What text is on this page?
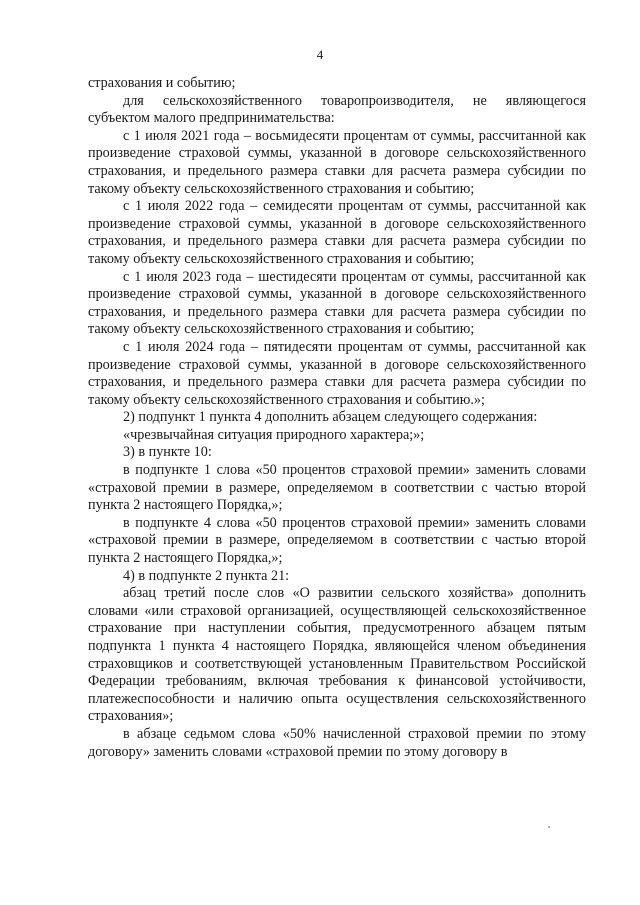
4

страхования и событию;

для сельскохозяйственного товаропроизводителя, не являющегося субъектом малого предпринимательства:

с 1 июля 2021 года – восьмидесяти процентам от суммы, рассчитанной как произведение страховой суммы, указанной в договоре сельскохозяйственного страхования, и предельного размера ставки для расчета размера субсидии по такому объекту сельскохозяйственного страхования и событию;

с 1 июля 2022 года – семидесяти процентам от суммы, рассчитанной как произведение страховой суммы, указанной в договоре сельскохозяйственного страхования, и предельного размера ставки для расчета размера субсидии по такому объекту сельскохозяйственного страхования и событию;

с 1 июля 2023 года – шестидесяти процентам от суммы, рассчитанной как произведение страховой суммы, указанной в договоре сельскохозяйственного страхования, и предельного размера ставки для расчета размера субсидии по такому объекту сельскохозяйственного страхования и событию;

с 1 июля 2024 года – пятидесяти процентам от суммы, рассчитанной как произведение страховой суммы, указанной в договоре сельскохозяйственного страхования, и предельного размера ставки для расчета размера субсидии по такому объекту сельскохозяйственного страхования и событию.»;

2) подпункт 1 пункта 4 дополнить абзацем следующего содержания:

«чрезвычайная ситуация природного характера;»;

3) в пункте 10:

в подпункте 1 слова «50 процентов страховой премии» заменить словами «страховой премии в размере, определяемом в соответствии с частью второй пункта 2 настоящего Порядка,»;

в подпункте 4 слова «50 процентов страховой премии» заменить словами «страховой премии в размере, определяемом в соответствии с частью второй пункта 2 настоящего Порядка,»;

4) в подпункте 2 пункта 21:

абзац третий после слов «О развитии сельского хозяйства» дополнить словами «или страховой организацией, осуществляющей сельскохозяйственное страхование при наступлении события, предусмотренного абзацем пятым подпункта 1 пункта 4 настоящего Порядка, являющейся членом объединения страховщиков и соответствующей установленным Правительством Российской Федерации требованиям, включая требования к финансовой устойчивости, платежеспособности и наличию опыта осуществления сельскохозяйственного страхования»;

в абзаце седьмом слова «50% начисленной страховой премии по этому договору» заменить словами «страховой премии по этому договору в
